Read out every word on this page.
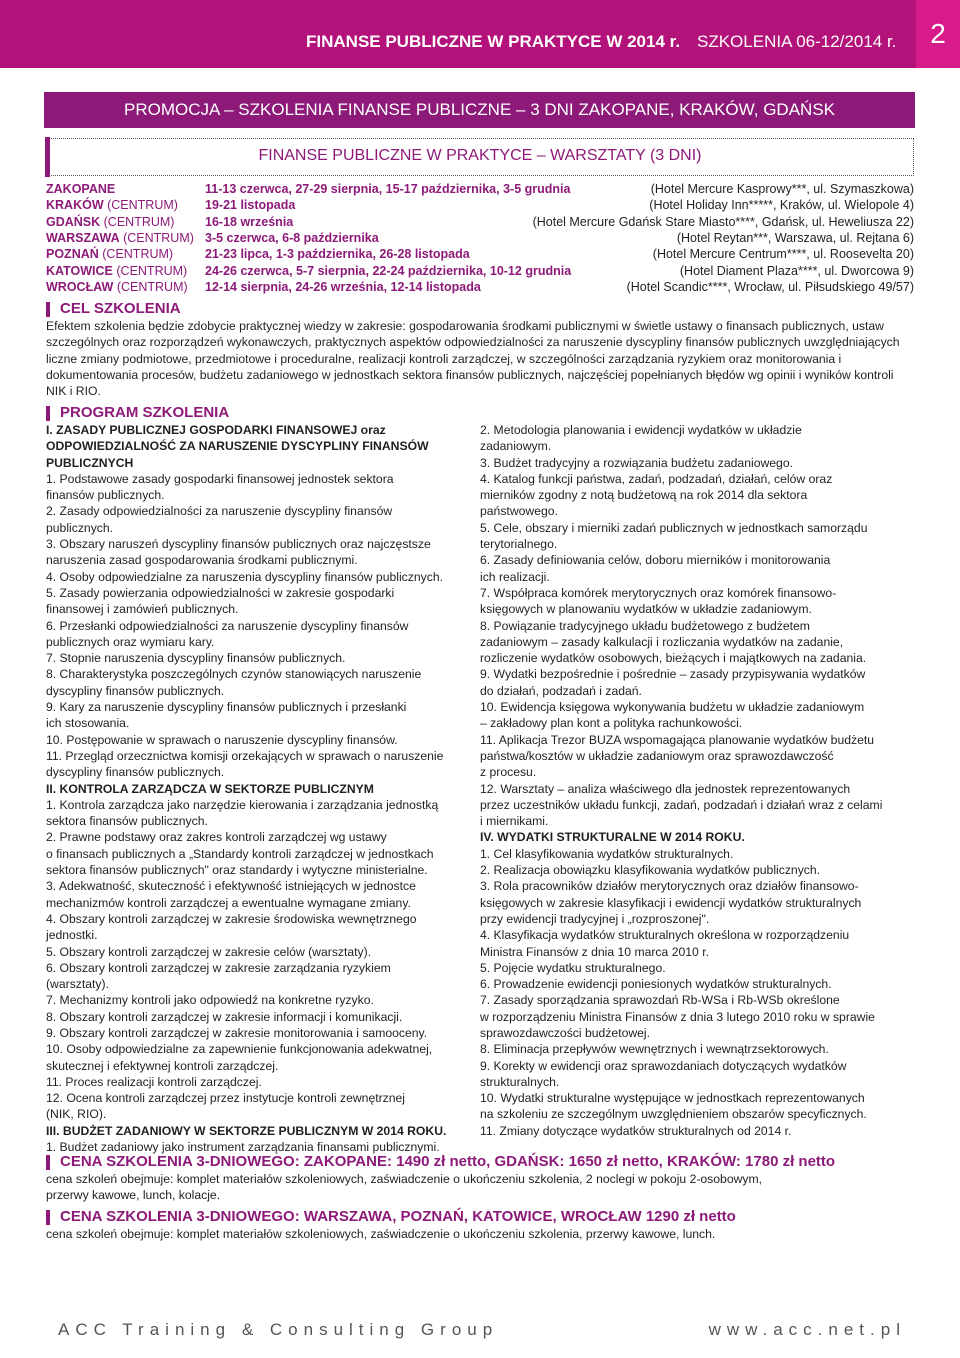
FINANSE PUBLICZNE W PRAKTYCE W 2014 r. SZKOLENIA 06-12/2014 r.	2
PROMOCJA – SZKOLENIA FINANSE PUBLICZNE – 3 DNI ZAKOPANE, KRAKÓW, GDAŃSK
FINANSE PUBLICZNE W PRAKTYCE – WARSZTATY (3 DNI)
ZAKOPANE	11-13 czerwca, 27-29 sierpnia, 15-17 października, 3-5 grudnia	(Hotel Mercure Kasprowy***, ul. Szymaszkowa)
KRAKÓW (CENTRUM) 19-21 listopada	(Hotel Holiday Inn*****, Kraków, ul. Wielopole 4)
GDAŃSK (CENTRUM) 16-18 września	(Hotel Mercure Gdańsk Stare Miasto****, Gdańsk, ul. Heweliusza 22)
WARSZAWA (CENTRUM) 3-5 czerwca, 6-8 października	(Hotel Reytan***, Warszawa, ul. Rejtana 6)
POZNAŃ (CENTRUM)	21-23 lipca, 1-3 października, 26-28 listopada	(Hotel Mercure Centrum****, ul. Roosevelta 20)
KATOWICE (CENTRUM) 24-26 czerwca, 5-7 sierpnia, 22-24 października, 10-12 grudnia	(Hotel Diament Plaza****, ul. Dworcowa 9)
WROCŁAW (CENTRUM) 12-14 sierpnia, 24-26 września, 12-14 listopada	(Hotel Scandic****, Wrocław, ul. Piłsudskiego 49/57)
CEL SZKOLENIA
Efektem szkolenia będzie zdobycie praktycznej wiedzy w zakresie: gospodarowania środkami publicznymi w świetle ustawy o finansach publicznych, ustaw szczególnych oraz rozporządzeń wykonawczych, praktycznych aspektów odpowiedzialności za naruszenie dyscypliny finansów publicznych uwzględniających liczne zmiany podmiotowe, przedmiotowe i proceduralne, realizacji kontroli zarządczej, w szczególności zarządzania ryzykiem oraz monitorowania i dokumentowania procesów, budżetu zadaniowego w jednostkach sektora finansów publicznych, najczęściej popełnianych błędów wg opinii i wyników kontroli NIK i RIO.
PROGRAM SZKOLENIA
I. ZASADY PUBLICZNEJ GOSPODARKI FINANSOWEJ oraz
ODPOWIEDZIALNOŚĆ ZA NARUSZENIE DYSCYPLINY FINANSÓW
PUBLICZNYCH
1. Podstawowe zasady gospodarki finansowej jednostek sektora
finansów publicznych.
2. Zasady odpowiedzialności za naruszenie dyscypliny finansów
publicznych.
3. Obszary naruszeń dyscypliny finansów publicznych oraz najczęstsze
naruszenia zasad gospodarowania środkami publicznymi.
4. Osoby odpowiedzialne za naruszenia dyscypliny finansów publicznych.
5. Zasady powierzania odpowiedzialności w zakresie gospodarki
finansowej i zamówień publicznych.
6. Przesłanki odpowiedzialności za naruszenie dyscypliny finansów
publicznych oraz wymiaru kary.
7. Stopnie naruszenia dyscypliny finansów publicznych.
8. Charakterystyka poszczególnych czynów stanowiących naruszenie
dyscypliny finansów publicznych.
9. Kary za naruszenie dyscypliny finansów publicznych i przesłanki
ich stosowania.
10. Postępowanie w sprawach o naruszenie dyscypliny finansów.
11. Przegląd orzecznictwa komisji orzekających w sprawach o naruszenie
dyscypliny finansów publicznych.
II. KONTROLA ZARZĄDCZA W SEKTORZE PUBLICZNYM
1. Kontrola zarządcza jako narzędzie kierowania i zarządzania jednostką
sektora finansów publicznych.
2. Prawne podstawy oraz zakres kontroli zarządczej wg ustawy
o finansach publicznych a „Standardy kontroli zarządczej w jednostkach
sektora finansów publicznych" oraz standardy i wytyczne ministerialne.
3. Adekwatność, skuteczność i efektywność istniejących w jednostce
mechanizmów kontroli zarządczej a ewentualne wymagane zmiany.
4. Obszary kontroli zarządczej w zakresie środowiska wewnętrznego
jednostki.
5. Obszary kontroli zarządczej w zakresie celów (warsztaty).
6. Obszary kontroli zarządczej w zakresie zarządzania ryzykiem
(warsztaty).
7. Mechanizmy kontroli jako odpowiedź na konkretne ryzyko.
8. Obszary kontroli zarządczej w zakresie informacji i komunikacji.
9. Obszary kontroli zarządczej w zakresie monitorowania i samooceny.
10. Osoby odpowiedzialne za zapewnienie funkcjonowania adekwatnej,
skutecznej i efektywnej kontroli zarządczej.
11. Proces realizacji kontroli zarządczej.
12. Ocena kontroli zarządczej przez instytucje kontroli zewnętrznej
(NIK, RIO).
III. BUDŻET ZADANIOWY W SEKTORZE PUBLICZNYM W 2014 ROKU.
1. Budżet zadaniowy jako instrument zarządzania finansami publicznymi.
2. Metodologia planowania i ewidencji wydatków w układzie
zadaniowym.
3. Budżet tradycyjny a rozwiązania budżetu zadaniowego.
4. Katalog funkcji państwa, zadań, podzadań, działań, celów oraz
mierników zgodny z notą budżetową na rok 2014 dla sektora
państwowego.
5. Cele, obszary i mierniki zadań publicznych w jednostkach samorządu
terytorialnego.
6. Zasady definiowania celów, doboru mierników i monitorowania
ich realizacji.
7. Współpraca komórek merytorycznych oraz komórek finansowo-
księgowych w planowaniu wydatków w układzie zadaniowym.
8. Powiązanie tradycyjnego układu budżetowego z budżetem
zadaniowym – zasady kalkulacji i rozliczania wydatków na zadanie,
rozliczenie wydatków osobowych, bieżących i majątkowych na zadania.
9. Wydatki bezpośrednie i pośrednie – zasady przypisywania wydatków
do działań, podzadań i zadań.
10. Ewidencja księgowa wykonywania budżetu w układzie zadaniowym
– zakładowy plan kont a polityka rachunkowości.
11. Aplikacja Trezor BUZA wspomagająca planowanie wydatków budżetu
państwa/kosztów w układzie zadaniowym oraz sprawozdawczość
z procesu.
12. Warsztaty – analiza właściwego dla jednostek reprezentowanych
przez uczestników układu funkcji, zadań, podzadań i działań wraz z celami
i miernikami.
IV. WYDATKI STRUKTURALNE W 2014 ROKU.
1. Cel klasyfikowania wydatków strukturalnych.
2. Realizacja obowiązku klasyfikowania wydatków publicznych.
3. Rola pracowników działów merytorycznych oraz działów finansowo-
księgowych w zakresie klasyfikacji i ewidencji wydatków strukturalnych
przy ewidencji tradycyjnej i „rozproszonej".
4. Klasyfikacja wydatków strukturalnych określona w rozporządzeniu
Ministra Finansów z dnia 10 marca 2010 r.
5. Pojęcie wydatku strukturalnego.
6. Prowadzenie ewidencji poniesionych wydatków strukturalnych.
7. Zasady sporządzania sprawozdań Rb-WSa i Rb-WSb określone
w rozporządzeniu Ministra Finansów z dnia 3 lutego 2010 roku w sprawie
sprawozdawczości budżetowej.
8. Eliminacja przepływów wewnętrznych i wewnątrzsektorowych.
9. Korekty w ewidencji oraz sprawozdaniach dotyczących wydatków
strukturalnych.
10. Wydatki strukturalne występujące w jednostkach reprezentowanych
na szkoleniu ze szczególnym uwzględnieniem obszarów specyficznych.
11. Zmiany dotyczące wydatków strukturalnych od 2014 r.
CENA SZKOLENIA 3-DNIOWEGO: ZAKOPANE: 1490 zł netto, GDAŃSK: 1650 zł netto, KRAKÓW: 1780 zł netto
cena szkoleń obejmuje: komplet materiałów szkoleniowych, zaświadczenie o ukończeniu szkolenia, 2 noclegi w pokoju 2-osobowym,
przerwy kawowe, lunch, kolacje.
CENA SZKOLENIA 3-DNIOWEGO: WARSZAWA, POZNAŃ, KATOWICE, WROCŁAW 1290 zł netto
cena szkoleń obejmuje: komplet materiałów szkoleniowych, zaświadczenie o ukończeniu szkolenia, przerwy kawowe, lunch.
ACC Training & Consulting Group	www.acc.net.pl
